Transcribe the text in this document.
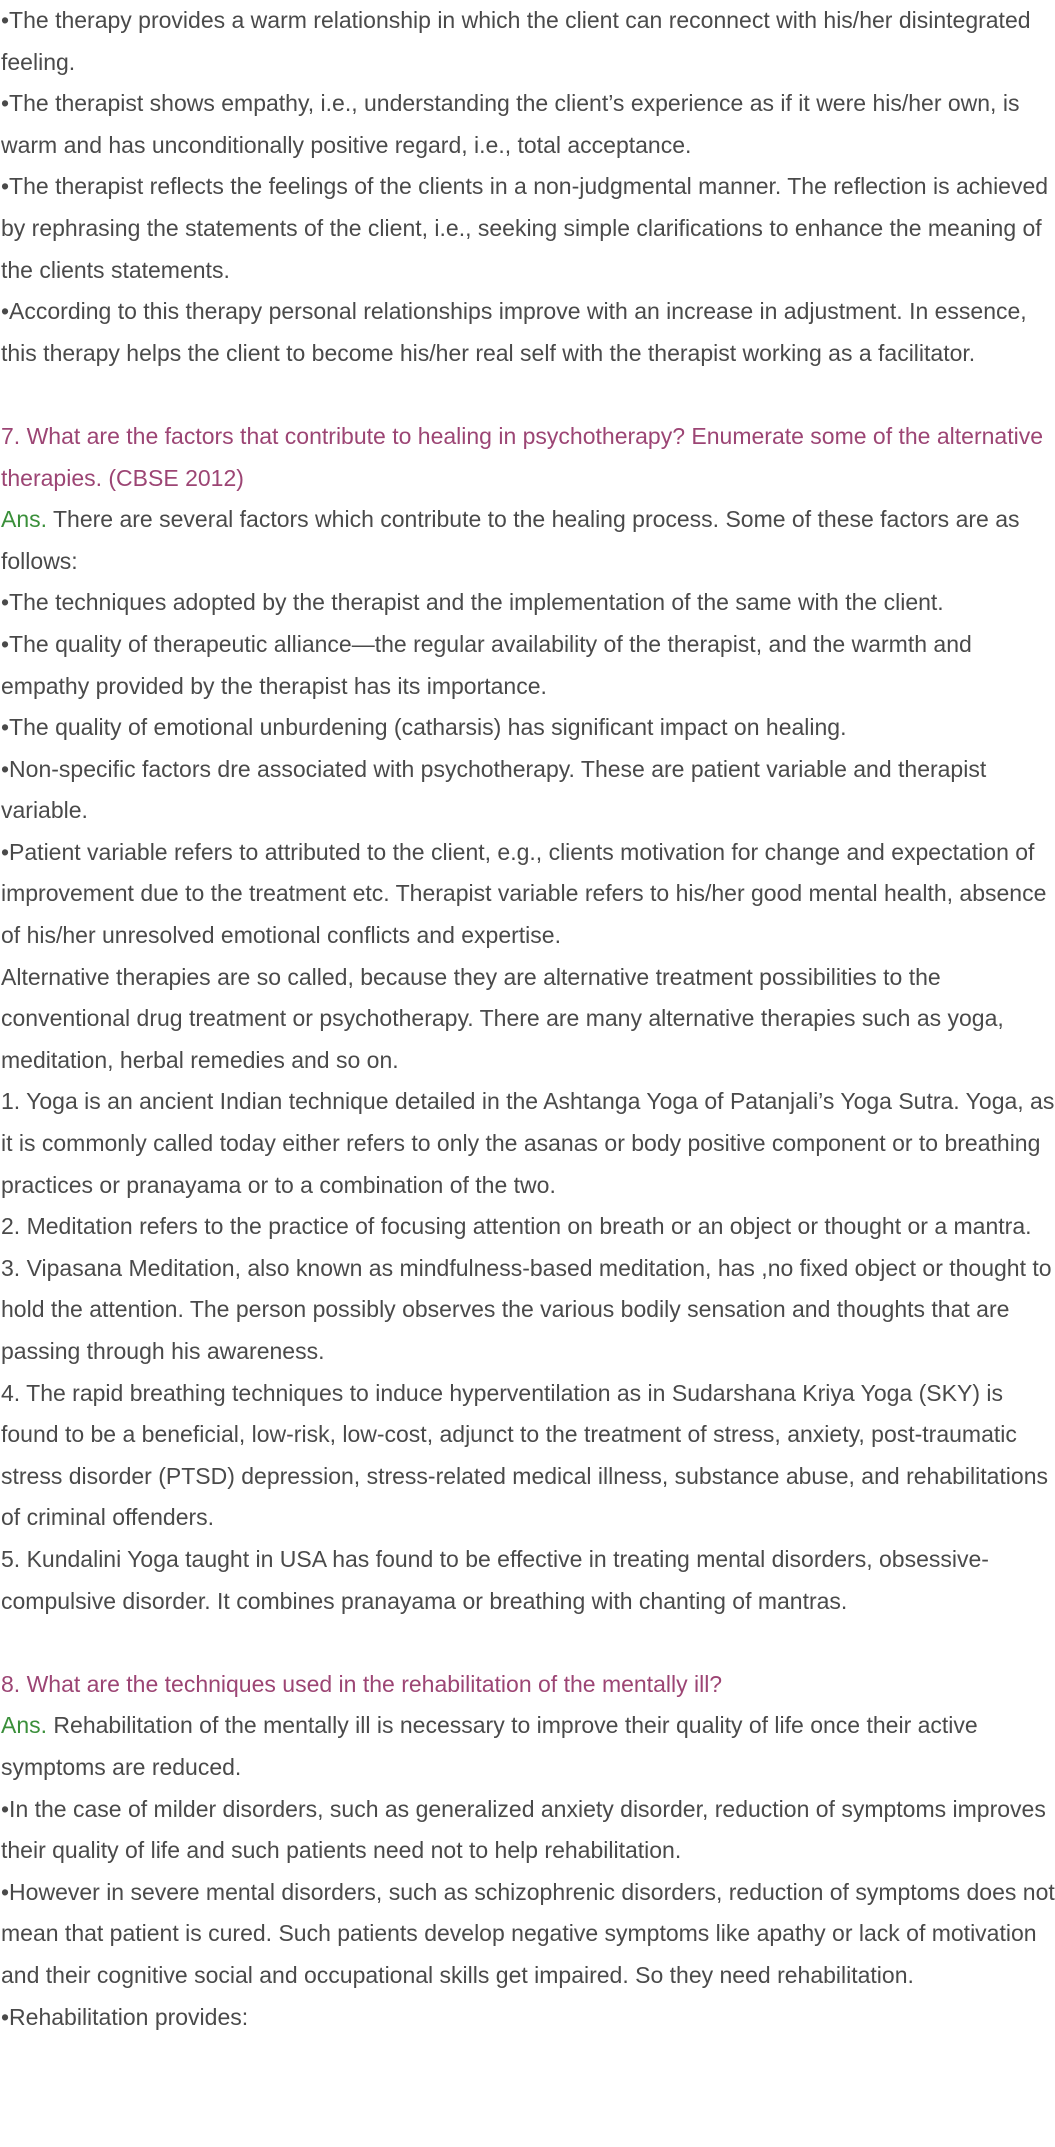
•The therapy provides a warm relationship in which the client can reconnect with his/her disintegrated feeling.

•The therapist shows empathy, i.e., understanding the client’s experience as if it were his/her own, is warm and has unconditionally positive regard, i.e., total acceptance.

•The therapist reflects the feelings of the clients in a non-judgmental manner. The reflection is achieved by rephrasing the statements of the client, i.e., seeking simple clarifications to enhance the meaning of the clients statements.

•According to this therapy personal relationships improve with an increase in adjustment. In essence, this therapy helps the client to become his/her real self with the therapist working as a facilitator.

7. What are the factors that contribute to healing in psychotherapy? Enumerate some of the alternative therapies. (CBSE 2012)

Ans. There are several factors which contribute to the healing process. Some of these factors are as follows:

•The techniques adopted by the therapist and the implementation of the same with the client.

•The quality of therapeutic alliance—the regular availability of the therapist, and the warmth and empathy provided by the therapist has its importance.

•The quality of emotional unburdening (catharsis) has significant impact on healing.

•Non-specific factors dre associated with psychotherapy. These are patient variable and therapist variable.

•Patient variable refers to attributed to the client, e.g., clients motivation for change and expectation of improvement due to the treatment etc. Therapist variable refers to his/her good mental health, absence of his/her unresolved emotional conflicts and expertise.

Alternative therapies are so called, because they are alternative treatment possibilities to the conventional drug treatment or psychotherapy. There are many alternative therapies such as yoga, meditation, herbal remedies and so on.

1. Yoga is an ancient Indian technique detailed in the Ashtanga Yoga of Patanjali’s Yoga Sutra. Yoga, as it is commonly called today either refers to only the asanas or body positive component or to breathing practices or pranayama or to a combination of the two.

2. Meditation refers to the practice of focusing attention on breath or an object or thought or a mantra.

3. Vipasana Meditation, also known as mindfulness-based meditation, has ,no fixed object or thought to hold the attention. The person possibly observes the various bodily sensation and thoughts that are passing through his awareness.

4. The rapid breathing techniques to induce hyperventilation as in Sudarshana Kriya Yoga (SKY) is found to be a beneficial, low-risk, low-cost, adjunct to the treatment of stress, anxiety, post-traumatic stress disorder (PTSD) depression, stress-related medical illness, substance abuse, and rehabilitations of criminal offenders.

5. Kundalini Yoga taught in USA has found to be effective in treating mental disorders, obsessive-compulsive disorder. It combines pranayama or breathing with chanting of mantras.

8. What are the techniques used in the rehabilitation of the mentally ill?

Ans. Rehabilitation of the mentally ill is necessary to improve their quality of life once their active symptoms are reduced.

•In the case of milder disorders, such as generalized anxiety disorder, reduction of symptoms improves their quality of life and such patients need not to help rehabilitation.

•However in severe mental disorders, such as schizophrenic disorders, reduction of symptoms does not mean that patient is cured. Such patients develop negative symptoms like apathy or lack of motivation and their cognitive social and occupational skills get impaired. So they need rehabilitation.

•Rehabilitation provides:
